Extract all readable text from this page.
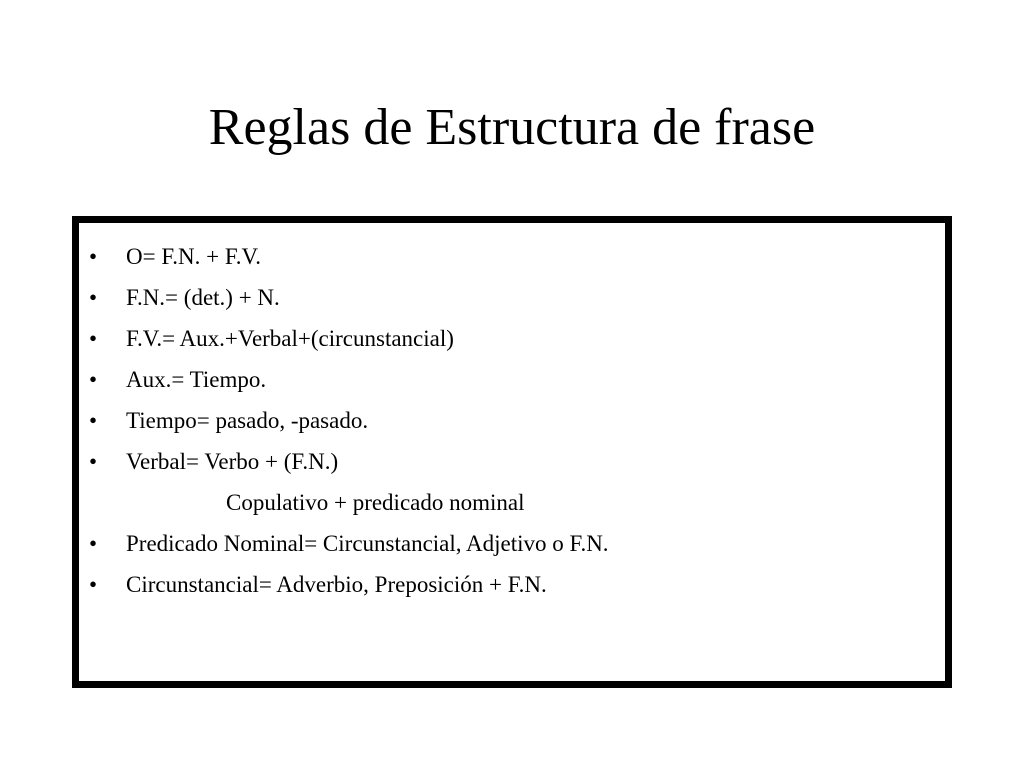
Reglas de Estructura de frase
•	O= F.N. + F.V.
•	F.N.= (det.) + N.
•	F.V.= Aux.+Verbal+(circunstancial)
•	Aux.= Tiempo.
•	Tiempo= pasado, -pasado.
•	Verbal= Verbo + (F.N.)
Copulativo + predicado nominal
•	Predicado Nominal= Circunstancial, Adjetivo o F.N.
•	Circunstancial= Adverbio, Preposición + F.N.
